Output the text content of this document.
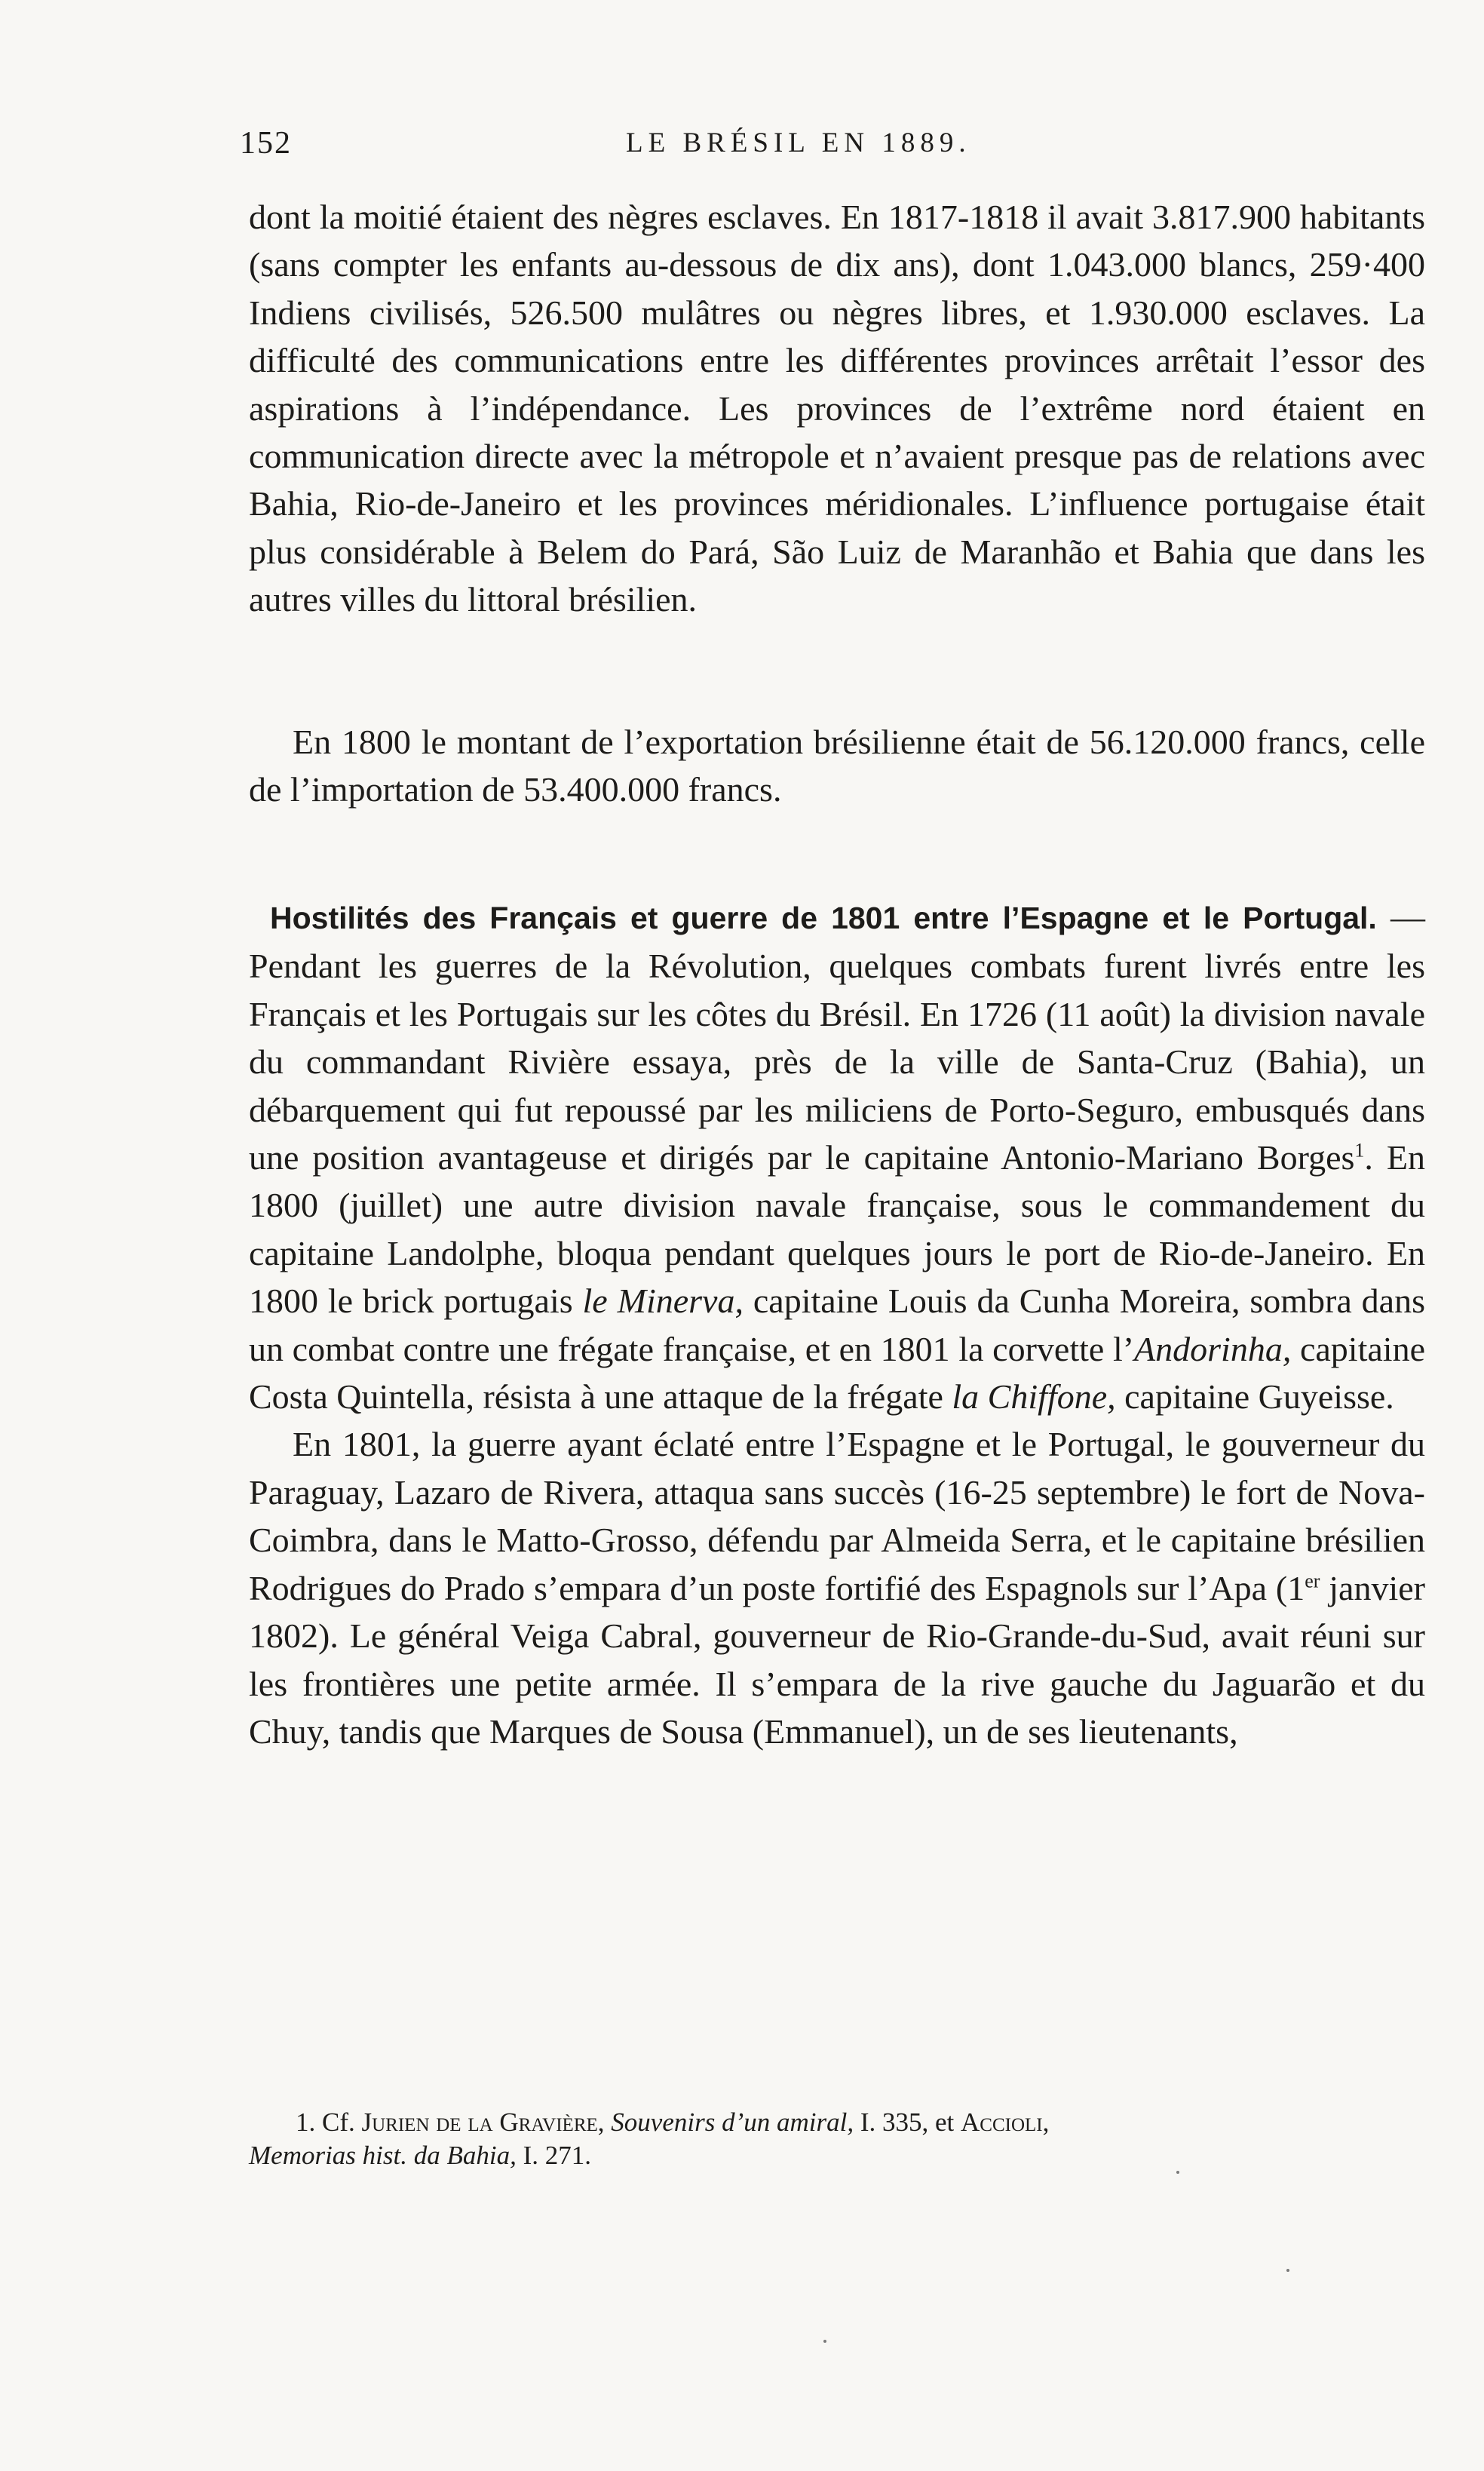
152	LE BRÉSIL EN 1889.

dont la moitié étaient des nègres esclaves. En 1817-1818 il avait 3.817.900 habitants (sans compter les enfants au-dessous de dix ans), dont 1.043.000 blancs, 259·400 Indiens civilisés, 526.500 mulâtres ou nègres libres, et 1.930.000 esclaves. La difficulté des communications entre les différentes provinces arrêtait l’essor des aspirations à l’indépendance. Les provinces de l’extrême nord étaient en communication directe avec la métropole et n’avaient presque pas de relations avec Bahia, Rio-de-Janeiro et les provinces méridionales. L’influence portugaise était plus considérable à Belem do Pará, São Luiz de Maranhão et Bahia que dans les autres villes du littoral brésilien.

En 1800 le montant de l’exportation brésilienne était de 56.120.000 francs, celle de l’importation de 53.400.000 francs.

Hostilités des Français et guerre de 1801 entre l’Espagne et le Portugal. — Pendant les guerres de la Révolution, quelques combats furent livrés entre les Français et les Portugais sur les côtes du Brésil. En 1726 (11 août) la division navale du commandant Rivière essaya, près de la ville de Santa-Cruz (Bahia), un débarquement qui fut repoussé par les miliciens de Porto-Seguro, embusqués dans une position avantageuse et dirigés par le capitaine Antonio-Mariano Borges$^1$. En 1800 (juillet) une autre division navale française, sous le commandement du capitaine Landolphe, bloqua pendant quelques jours le port de Rio-de-Janeiro. En 1800 le brick portugais le Minerva, capitaine Louis da Cunha Moreira, sombra dans un combat contre une frégate française, et en 1801 la corvette l’Andorinha, capitaine Costa Quintella, résista à une attaque de la frégate la Chiffone, capitaine Guyeisse.

En 1801, la guerre ayant éclaté entre l’Espagne et le Portugal, le gouverneur du Paraguay, Lazaro de Rivera, attaqua sans succès (16-25 septembre) le fort de Nova-Coimbra, dans le Matto-Grosso, défendu par Almeida Serra, et le capitaine brésilien Rodrigues do Prado s’empara d’un poste fortifié des Espagnols sur l’Apa (1er janvier 1802). Le général Veiga Cabral, gouverneur de Rio-Grande-du-Sud, avait réuni sur les frontières une petite armée. Il s’empara de la rive gauche du Jaguarão et du Chuy, tandis que Marques de Sousa (Emmanuel), un de ses lieutenants,

1. Cf. Jurien de la Gravière, Souvenirs d’un amiral, I. 335, et Accioli,

Memorias hist. da Bahia, I. 271.
